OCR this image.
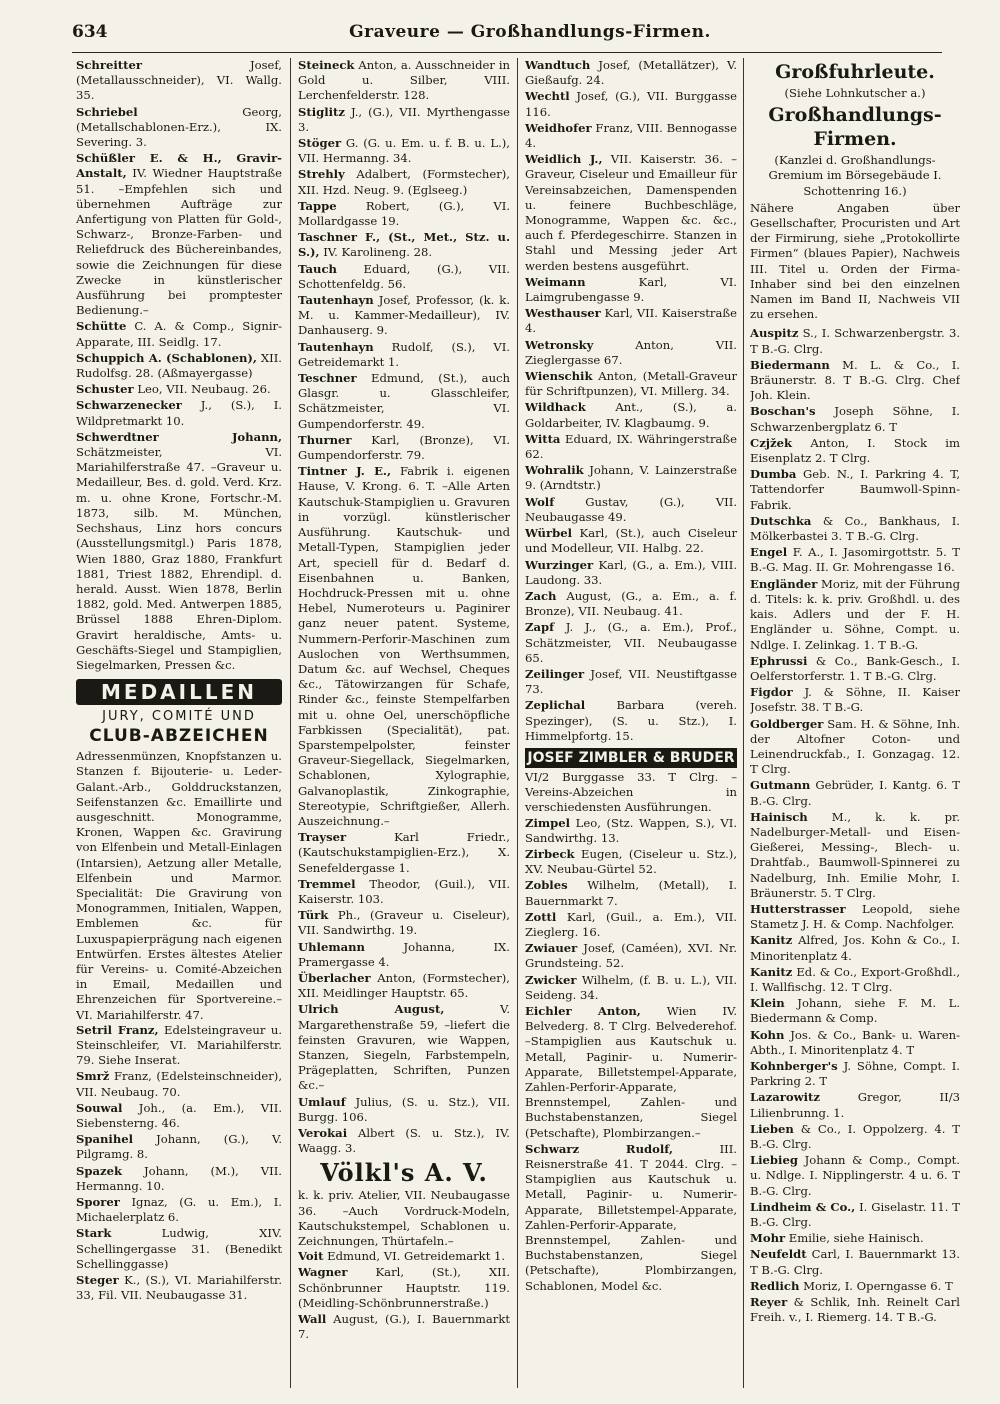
634	Graveure — Großhandlungs-Firmen.
Schreitter	Josef, (Metallausschneider), VI. Wallg. 35.
Schriebel	Georg, (Metallschablonen-Erz.), IX. Severing. 3.
Schüßler E. & H., Gravir-Anstalt, IV. Wiedner Hauptstraße 51. –Empfehlen sich und übernehmen Aufträge zur Anfertigung von Platten für Gold-, Schwarz-, Bronze-Farben- und Reliefdruck des Büchereinbandes, sowie die Zeichnungen für diese Zwecke in künstlerischer Ausführung bei promptester Bedienung.–
Schütte C. A. & Comp., Signir-Apparate, III. Seidlg. 17.
Schuppich A. (Schablonen), XII. Rudolfsg. 28. (Aßmayergasse)
Schuster Leo, VII. Neubaug. 26.
Schwarzenecker J., (S.), I. Wildpretmarkt 10.
Schwerdtner Johann, Schätzmeister, VI. Mariahilferstraße 47. –Graveur u. Medailleur, Bes. d. gold. Verd. Krz. m. u. ohne Krone, Fortschr.-M. 1873, silb. M. München, Sechshaus, Linz hors concurs (Ausstellungsmitgl.) Paris 1878, Wien 1880, Graz 1880, Frankfurt 1881, Triest 1882, Ehrendipl. d. herald. Ausst. Wien 1878, Berlin 1882, gold. Med. Antwerpen 1885, Brüssel 1888 Ehren-Diplom. Gravirt heraldische, Amts- u. Geschäfts-Siegel und Stampiglien, Siegelmarken, Pressen &c.
MEDAILLEN
JURY, COMITÉ UND
CLUB-ABZEICHEN
Adressenmünzen, Knopfstanzen u. Stanzen f. Bijouterie- u. Leder-Galant.-Arb., Golddruckstanzen, Seifenstanzen &c. Emaillirte und ausgeschnitt. Monogramme, Kronen, Wappen &c. Gravirung von Elfenbein und Metall-Einlagen (Intarsien), Aetzung aller Metalle, Elfenbein und Marmor. Specialität: Die Gravirung von Monogrammen, Initialen, Wappen, Emblemen &c. für Luxuspapierprägung nach eigenen Entwürfen. Erstes ältestes Atelier für Vereins- u. Comité-Abzeichen in Email, Medaillen und Ehrenzeichen für Sportvereine.– VI. Mariahilferstr. 47.
Setril Franz, Edelsteingraveur u. Steinschleifer, VI. Mariahilferstr. 79. Siehe Inserat.
Smrž Franz, (Edelsteinschneider), VII. Neubaug. 70.
Souwal Joh., (a. Em.), VII. Siebensterng. 46.
Spanihel Johann, (G.), V. Pilgramg. 8.
Spazek Johann, (M.), VII. Hermanng. 10.
Sporer Ignaz, (G. u. Em.), I. Michaelerplatz 6.
Stark	Ludwig, XIV. Schellingergasse 31. (Benedikt Schellinggasse)
Steger K., (S.), VI. Mariahilferstr. 33, Fil. VII. Neubaugasse 31.
Steineck Anton, a. Ausschneider in Gold u. Silber, VIII. Lerchenfelderstr. 128.
Stiglitz J., (G.), VII. Myrthengasse 3.
Stöger G. (G. u. Em. u. f. B. u. L.), VII. Hermanng. 34.
Strehly Adalbert, (Formstecher), XII. Hzd. Neug. 9. (Eglseeg.)
Tappe	Robert, (G.), VI. Mollardgasse 19.
Taschner F., (St., Met., Stz. u. S.), IV. Karolineng. 28.
Tauch Eduard, (G.), VII. Schottenfeldg. 56.
Tautenhayn Josef, Professor, (k. k. M. u. Kammer-Medailleur), IV. Danhauserg. 9.
Tautenhayn Rudolf, (S.), VI. Getreidemarkt 1.
Teschner Edmund, (St.), auch Glasgr. u. Glasschleifer, Schätzmeister, VI. Gumpendorferstr. 49.
Thurner Karl, (Bronze), VI. Gumpendorferstr. 79.
Tintner J. E., Fabrik i. eigenen Hause, V. Krong. 6. T. –Alle Arten Kautschuk-Stampiglien u. Gravuren in vorzügl. künstlerischer Ausführung. Kautschuk- und Metall-Typen, Stampiglien jeder Art, speciell für d. Bedarf d. Eisenbahnen u. Banken, Hochdruck-Pressen mit u. ohne Hebel, Numeroteurs u. Paginirer ganz neuer patent. Systeme, Nummern-Perforir-Maschinen zum Auslochen von Werthsummen, Datum &c. auf Wechsel, Cheques &c., Tätowirzangen für Schafe, Rinder &c., feinste Stempelfarben mit u. ohne Oel, unerschöpfliche Farbkissen (Specialität), pat. Sparstempelpolster, feinster Graveur-Siegellack, Siegelmarken, Schablonen, Xylographie, Galvanoplastik, Zinkographie, Stereotypie, Schriftgießer, Allerh. Auszeichnung.–
Trayser	Karl Friedr., (Kautschukstampiglien-Erz.), X. Senefeldergasse 1.
Tremmel Theodor, (Guil.), VII. Kaiserstr. 103.
Türk Ph., (Graveur u. Ciseleur), VII. Sandwirthg. 19.
Uhlemann	Johanna, IX. Pramergasse 4.
Überlacher Anton, (Formstecher), XII. Meidlinger Hauptstr. 65.
Ulrich August,	V. Margarethenstraße 59, –liefert die feinsten Gravuren, wie Wappen, Stanzen, Siegeln, Farbstempeln, Prägeplatten, Schriften, Punzen &c.–
Umlauf Julius, (S. u. Stz.), VII. Burgg. 106.
Verokai Albert (S. u. Stz.), IV. Waagg. 3.
Völkl's A. V.
k. k. priv. Atelier, VII. Neubaugasse 36. –Auch Vordruck-Modeln, Kautschukstempel, Schablonen u. Zeichnungen, Thürtafeln.–
Voit Edmund, VI. Getreidemarkt 1.
Wagner Karl, (St.), XII. Schönbrunner Hauptstr. 119. (Meidling-Schönbrunnerstraße.)
Wall August, (G.), I. Bauernmarkt 7.
Wandtuch Josef, (Metallätzer), V. Gießaufg. 24.
Wechtl Josef, (G.), VII. Burggasse 116.
Weidhofer Franz, VIII. Bennogasse 4.
Weidlich J., VII. Kaiserstr. 36. –Graveur, Ciseleur und Emailleur für Vereinsabzeichen, Damenspenden u. feinere Buchbeschläge, Monogramme, Wappen &c. &c., auch f. Pferdegeschirre. Stanzen in Stahl und Messing jeder Art werden bestens ausgeführt.
Weimann	Karl, VI. Laimgrubengasse 9.
Westhauser Karl, VII. Kaiserstraße 4.
Wetronsky	Anton, VII. Zieglergasse 67.
Wienschik Anton, (Metall-Graveur für Schriftpunzen), VI. Millerg. 34.
Wildhack	Ant., (S.), a. Goldarbeiter, IV. Klagbaumg. 9.
Witta Eduard, IX. Währingerstraße 62.
Wohralik Johann, V. Lainzerstraße 9. (Arndtstr.)
Wolf	Gustav, (G.), VII. Neubaugasse 49.
Würbel Karl, (St.), auch Ciseleur und Modelleur, VII. Halbg. 22.
Wurzinger Karl, (G., a. Em.), VIII. Laudong. 33.
Zach August, (G., a. Em., a. f. Bronze), VII. Neubaug. 41.
Zapf J. J., (G., a. Em.), Prof., Schätzmeister, VII. Neubaugasse 65.
Zeilinger Josef, VII. Neustiftgasse 73.
Zeplichal	Barbara (vereh. Spezinger), (S. u. Stz.), I. Himmelpfortg. 15.
JOSEF ZIMBLER & BRUDER
VI/2 Burggasse 33. T Clrg. –Vereins-Abzeichen in verschiedensten Ausführungen.
Zimpel Leo, (Stz. Wappen, S.), VI. Sandwirthg. 13.
Zirbeck Eugen, (Ciseleur u. Stz.), XV. Neubau-Gürtel 52.
Zobles Wilhelm, (Metall), I. Bauernmarkt 7.
Zottl Karl, (Guil., a. Em.), VII. Zieglerg. 16.
Zwiauer Josef, (Caméen), XVI. Nr. Grundsteing. 52.
Zwicker Wilhelm, (f. B. u. L.), VII. Seideng. 34.
Eichler Anton, Wien IV. Belvederg. 8. T Clrg. Belvederehof. –Stampiglien aus Kautschuk u. Metall, Paginir- u. Numerir-Apparate, Billetstempel-Apparate, Zahlen-Perforir-Apparate, Brennstempel, Zahlen- und Buchstabenstanzen, Siegel (Petschafte), Plombirzangen.–
Schwarz Rudolf,	III. Reisnerstraße 41. T 2044. Clrg. –Stampiglien aus Kautschuk u. Metall, Paginir- u. Numerir-Apparate, Billetstempel-Apparate, Zahlen-Perforir-Apparate, Brennstempel, Zahlen- und Buchstabenstanzen, Siegel (Petschafte), Plombirzangen, Schablonen, Model &c.
Großfuhrleute.
(Siehe Lohnkutscher a.)
Großhandlungs-Firmen.
(Kanzlei d. Großhandlungs-Gremium im Börsegebäude I. Schottenring 16.)
Nähere Angaben über Gesellschafter, Procuristen und Art der Firmirung, siehe „Protokollirte Firmen“ (blaues Papier), Nachweis III. Titel u. Orden der Firma-Inhaber sind bei den einzelnen Namen im Band II, Nachweis VII zu ersehen.
Auspitz S., I. Schwarzenbergstr. 3. T B.-G. Clrg.
Biedermann M. L. & Co., I. Bräunerstr. 8. T B.-G. Clrg. Chef Joh. Klein.
Boschan's Joseph Söhne, I. Schwarzenbergplatz 6. T
Czjžek Anton, I. Stock im Eisenplatz 2. T Clrg.
Dumba Geb. N., I. Parkring 4. T, Tattendorfer Baumwoll-Spinn-Fabrik.
Dutschka & Co., Bankhaus, I. Mölkerbastei 3. T B.-G. Clrg.
Engel F. A., I. Jasomirgottstr. 5. T B.-G. Mag. II. Gr. Mohrengasse 16.
Engländer Moriz, mit der Führung d. Titels: k. k. priv. Großhdl. u. des kais. Adlers und der F. H. Engländer u. Söhne, Compt. u. Ndlge. I. Zelinkag. 1. T B.-G.
Ephrussi & Co., Bank-Gesch., I. Oelferstorferstr. 1. T B.-G. Clrg.
Figdor J. & Söhne, II. Kaiser Josefstr. 38. T B.-G.
Goldberger Sam. H. & Söhne, Inh. der Altofner Coton- und Leinendruckfab., I. Gonzagag. 12. T Clrg.
Gutmann Gebrüder, I. Kantg. 6. T B.-G. Clrg.
Hainisch M., k. k. pr. Nadelburger-Metall- und Eisen-Gießerei, Messing-, Blech- u. Drahtfab., Baumwoll-Spinnerei zu Nadelburg, Inh. Emilie Mohr, I. Bräunerstr. 5. T Clrg.
Hutterstrasser Leopold, siehe Stametz J. H. & Comp. Nachfolger.
Kanitz Alfred, Jos. Kohn & Co., I. Minoritenplatz 4.
Kanitz Ed. & Co., Export-Großhdl., I. Wallfischg. 12. T Clrg.
Klein Johann, siehe F. M. L. Biedermann & Comp.
Kohn Jos. & Co., Bank- u. Waren-Abth., I. Minoritenplatz 4. T
Kohnberger's J. Söhne, Compt. I. Parkring 2. T
Lazarowitz	Gregor, II/3 Lilienbrunng. 1.
Lieben & Co., I. Oppolzerg. 4. T B.-G. Clrg.
Liebieg Johann & Comp., Compt. u. Ndlge. I. Nipplingerstr. 4 u. 6. T B.-G. Clrg.
Lindheim & Co., I. Giselastr. 11. T B.-G. Clrg.
Mohr Emilie, siehe Hainisch.
Neufeldt Carl, I. Bauernmarkt 13. T B.-G. Clrg.
Redlich Moriz, I. Operngasse 6. T
Reyer & Schlik, Inh. Reinelt Carl Freih. v., I. Riemerg. 14. T B.-G.
